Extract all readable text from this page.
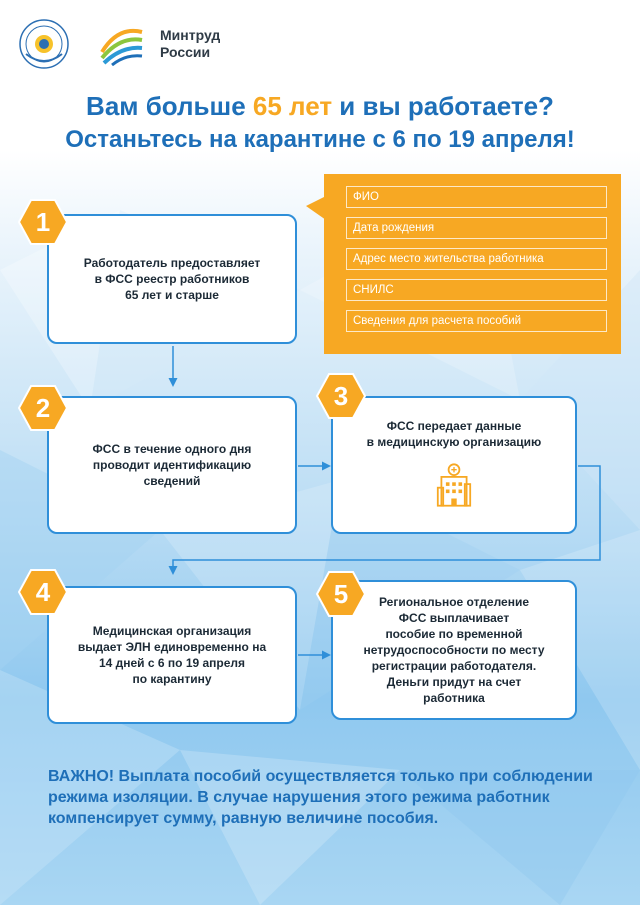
Минтруд
России
Вам больше 65 лет и вы работаете?
Останьтесь на карантине с 6 по 19 апреля!
Работодатель предоставляет
в ФСС реестр работников
65 лет и старше
1
ФИО
Дата рождения
Адрес место жительства работника
СНИЛС
Сведения для расчета пособий
ФСС в течение одного дня
проводит идентификацию
сведений
2
ФСС передает данные
в медицинскую организацию
3
Медицинская организация
выдает ЭЛН единовременно на
14 дней с 6 по 19 апреля
по карантину
4	Региональное отделение
ФСС выплачивает
пособие по временной
нетрудоспособности по месту
регистрации работодателя.
Деньги придут на счет
работника
5
ВАЖНО! Выплата пособий осуществляется только при соблюдении режима изоляции. В случае нарушения этого режима работник компенсирует сумму, равную величине пособия.
